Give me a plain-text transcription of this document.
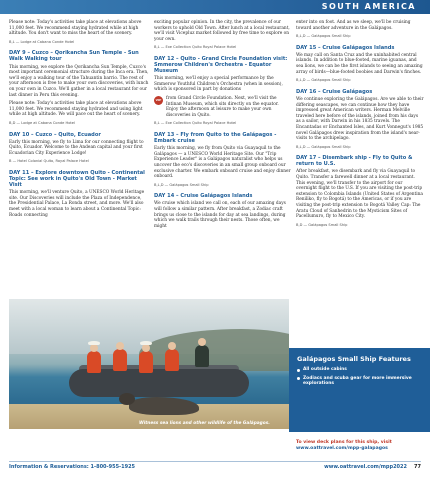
SOUTH AMERICA
Please note: Today's activities take place at elevations above 11,000 feet. We recommend staying hydrated while at high altitude. You don't want to miss the heart of the scenery.
B,L — Lodge at Cabana Conde Hotel
DAY 9 – Cuzco – Qorikancha Sun Temple - Sun Walk Walking tour
This morning, we explore the Qorikancha Sun Temple, Cuzco's most important ceremonial structure during the Inca era. Then, we'll enjoy a walking tour of the Tahuantin barrio. The rest of your afternoon is free to make your own discoveries, with lunch on your own in Cuzco. We'll gather in a local restaurant for our last dinner in Peru this evening.
Please note: Today's activities take place at elevations above 11,000 feet. We recommend staying hydrated and using light while at high altitude. We will pace out the heart of scenery.
B,D — Lodge at Cabana Conde Hotel
DAY 10 – Cuzco – Quito, Ecuador
Early this morning, we fly to Lima for our connecting flight to Quito, Ecuador. Welcome to the Andean capital and your first Ecuadorian City Experience Lodge!
B — Hotel Colonial Quito, Royal Palace Hotel
DAY 11 – Explore downtown Quito - Continental Topic: See work in Quito's Old Town - Market Visit
This morning, we'll venture Quito, a UNESCO World Heritage site. Our Discoveries will include the Plaza of Independence, the Presidential Palace, La Ronda street, and more. We'll also meet with a local woman to learn about a Continental Topic: Roads connecting
exciting popular opinion. In the city, the prevalence of our workers to uphold Old Town. After lunch at a local restaurant, we'll visit Vicepluz market followed by free time to explore on your own.
B,L — Exe Collection Quito Royal Palace Hotel
DAY 12 – Quito - Grand Circle Foundation visit: Smmerow Children's Orchestra - Equator Museum
This morning, we'll enjoy a special performance by the Smmerow Youthful Children's Orchestra (when in session), which is sponsored in part by donations
VIP	from Grand Circle Foundation. Next, we'll visit the Intinan Museum, which sits directly on the equator. Enjoy the afternoon at leisure to make your own discoveries in Quito.
B,L — Exe Collection Quito Royal Palace Hotel
DAY 13 – Fly from Quito to the Galápagos - Embark cruise
Early this morning, we fly from Quito via Guayaquil to the Galápagos — a UNESCO World Heritage Site. Our "Trip Experience Leader" is a Galápagos naturalist who helps us uncover the eco's discoveries in an small group onboard our exclusive charter. We embark onboard cruise and enjoy dinner onboard.
B,L,D — Galápagos Small Ship
DAY 14 – Cruise Galápagos Islands
We cruise which island we call on, each of our amazing days will follow a similar pattern. After breakfast, a Zodiac craft brings us close to the islands for day at sea landings, during which we walk trails through their nests. Those often, we might
enter into on foot. And as we sleep, we'll be cruising toward another adventure in the Galápagos.
B,L,D — Galápagos Small Ship
DAY 15 – Cruise Galápagos Islands
We may call on Santa Cruz and the uninhabited central islands. In addition to blue-footed, marine iguanas, and sea lions, we can be the first islands to seeing an amazing array of birds—blue-footed boobies and Darwin's finches.
B,L,D — Galápagos Small Ship
DAY 16 – Cruise Galápagos
We continue exploring the Galápagos. Are we able to their differing seascapes, we can continue how they have impressed great American writers. Herman Melville traveled here before of the islands, joined from his days as a sailor, with Darwin in his 1835 travels. The Encantadas or Enchanted Isles, and Kurt Vonnegut's 1985 novel Galápagos drew inspiration from the island's near-visits to the archipelago.
B,L,D — Galápagos Small Ship
DAY 17 – Disembark ship - Fly to Quito & return to U.S.
After breakfast, we disembark and fly via Guayaquil to Quito. Transfer a farewell dinner at a local restaurant. This evening, we'll transfer to the airport for our overnight flight to the U.S. If you are visiting the post-trip extension to Colombia Islands (United States of Argentina Reniliko, fly to Bogotá) to the Americas, or if you are visiting the post-trip extension to Bogotá Valley Cap: The Aratu Cloud of Sanhedrin to the Mysticism Sites of Pacellumuro, fly to Mexico City.
B,D — Galápagos Small Ship
Witness sea lions and other wildlife of the Galápagos.
Galápagos Small Ship Features
All outside cabins
Zodiacs and scuba gear for more immersive explorations
To view deck plans for this ship, visit
www.oattravel.com/mpp-galapagos
Information & Reservations: 1-800-955-1925	www.oattravel.com/mpp2022 77
